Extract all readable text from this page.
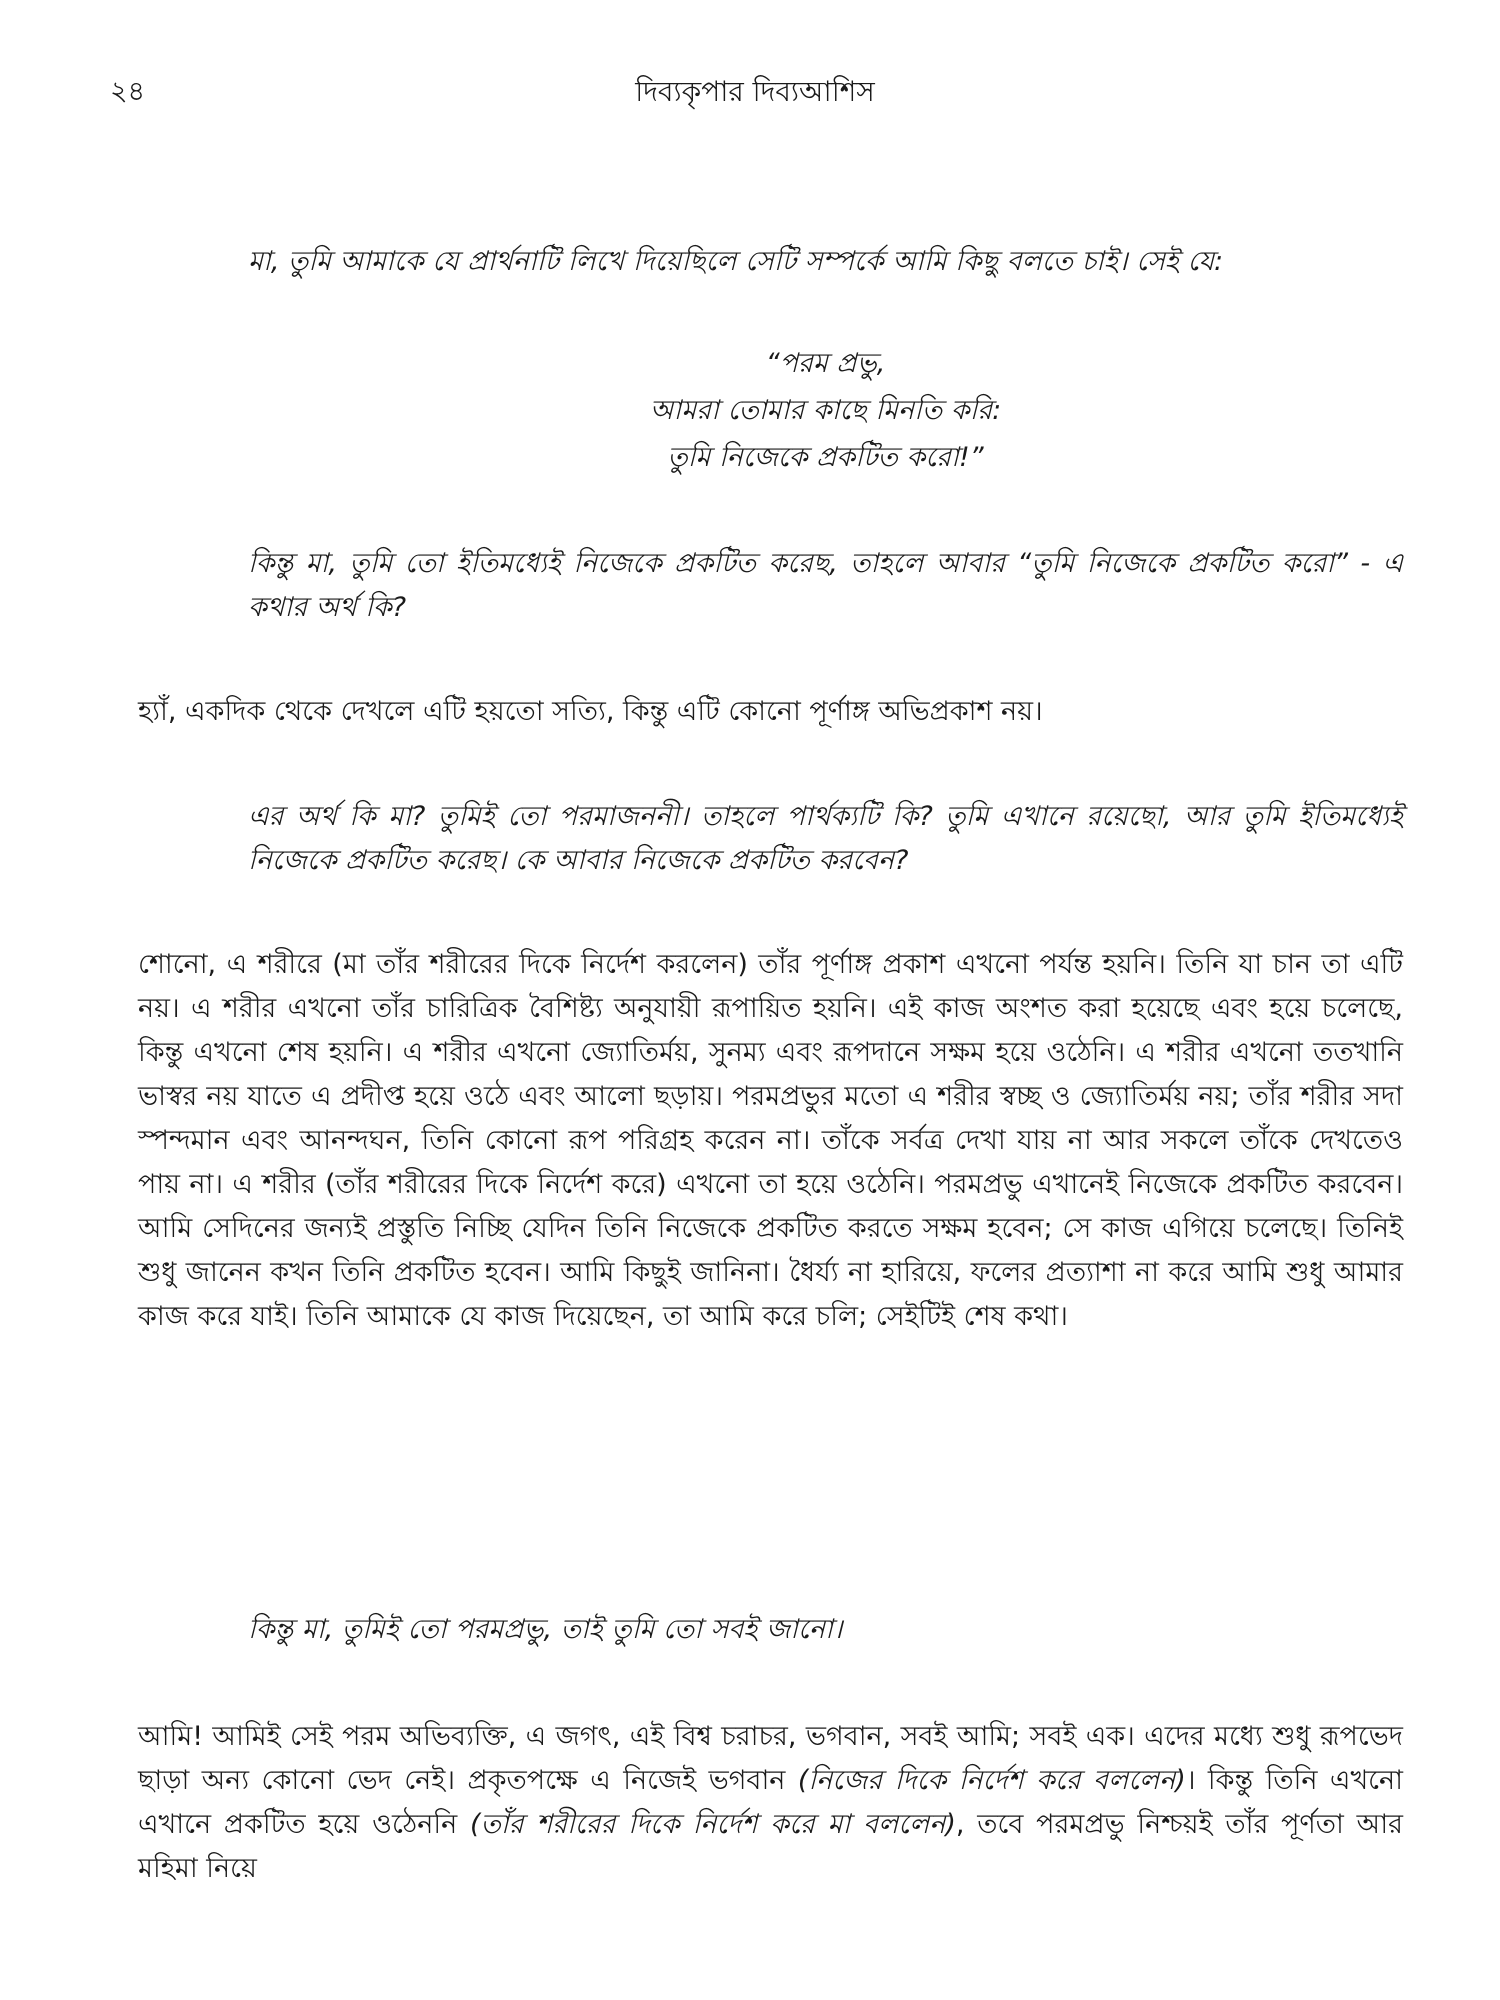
২৪	দিব্যকৃপার দিব্যআশিস

মা, তুমি আমাকে যে প্রার্থনাটি লিখে দিয়েছিলে সেটি সম্পর্কে আমি কিছু বলতে চাই। সেই যে:

“পরম প্রভু,
আমরা তোমার কাছে মিনতি করি:
তুমি নিজেকে প্রকটিত করো!”

কিন্তু মা, তুমি তো ইতিমধ্যেই নিজেকে প্রকটিত করেছ, তাহলে আবার “তুমি নিজেকে প্রকটিত করো” - এ কথার অর্থ কি?

হ্যাঁ, একদিক থেকে দেখলে এটি হয়তো সত্যি, কিন্তু এটি কোনো পূর্ণাঙ্গ অভিপ্রকাশ নয়।

এর অর্থ কি মা? তুমিই তো পরমাজননী। তাহলে পার্থক্যটি কি? তুমি এখানে রয়েছো, আর তুমি ইতিমধ্যেই নিজেকে প্রকটিত করেছ। কে আবার নিজেকে প্রকটিত করবেন?

শোনো, এ শরীরে (মা তাঁর শরীরের দিকে নির্দেশ করলেন) তাঁর পূর্ণাঙ্গ প্রকাশ এখনো পর্যন্ত হয়নি। তিনি যা চান তা এটি নয়। এ শরীর এখনো তাঁর চারিত্রিক বৈশিষ্ট্য অনুযায়ী রূপায়িত হয়নি। এই কাজ অংশত করা হয়েছে এবং হয়ে চলেছে, কিন্তু এখনো শেষ হয়নি। এ শরীর এখনো জ্যোতির্ময়, সুনম্য এবং রূপদানে সক্ষম হয়ে ওঠেনি। এ শরীর এখনো ততখানি ভাস্বর নয় যাতে এ প্রদীপ্ত হয়ে ওঠে এবং আলো ছড়ায়। পরমপ্রভুর মতো এ শরীর স্বচ্ছ ও জ্যোতির্ময় নয়; তাঁর শরীর সদা স্পন্দমান এবং আনন্দঘন, তিনি কোনো রূপ পরিগ্রহ করেন না। তাঁকে সর্বত্র দেখা যায় না আর সকলে তাঁকে দেখতেও পায় না। এ শরীর (তাঁর শরীরের দিকে নির্দেশ করে) এখনো তা হয়ে ওঠেনি। পরমপ্রভু এখানেই নিজেকে প্রকটিত করবেন। আমি সেদিনের জন্যই প্রস্তুতি নিচ্ছি যেদিন তিনি নিজেকে প্রকটিত করতে সক্ষম হবেন; সে কাজ এগিয়ে চলেছে। তিনিই শুধু জানেন কখন তিনি প্রকটিত হবেন। আমি কিছুই জানিনা। ধৈর্য্য না হারিয়ে, ফলের প্রত্যাশা না করে আমি শুধু আমার কাজ করে যাই। তিনি আমাকে যে কাজ দিয়েছেন, তা আমি করে চলি; সেইটিই শেষ কথা।

কিন্তু মা, তুমিই তো পরমপ্রভু, তাই তুমি তো সবই জানো।

আমি! আমিই সেই পরম অভিব্যক্তি, এ জগৎ, এই বিশ্ব চরাচর, ভগবান, সবই আমি; সবই এক। এদের মধ্যে শুধু রূপভেদ ছাড়া অন্য কোনো ভেদ নেই। প্রকৃতপক্ষে এ নিজেই ভগবান (নিজের দিকে নির্দেশ করে বললেন)। কিন্তু তিনি এখনো এখানে প্রকটিত হয়ে ওঠেননি (তাঁর শরীরের দিকে নির্দেশ করে মা বললেন), তবে পরমপ্রভু নিশ্চয়ই তাঁর পূর্ণতা আর মহিমা নিয়ে
